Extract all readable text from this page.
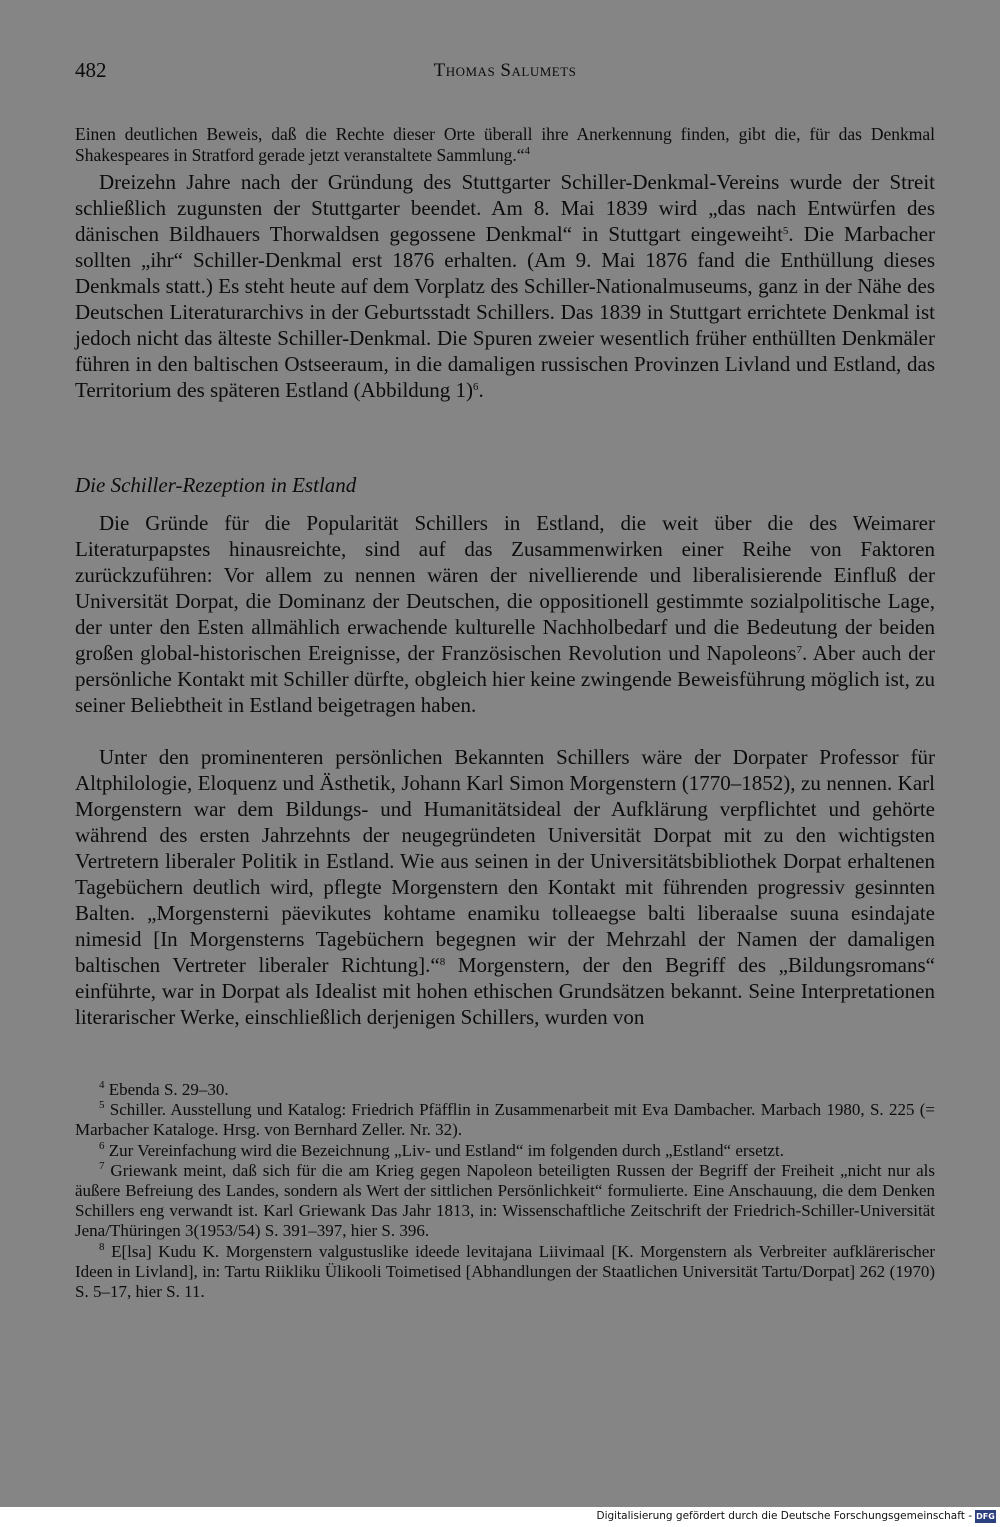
482	Thomas Salumets

Einen deutlichen Beweis, daß die Rechte dieser Orte überall ihre Anerkennung finden, gibt die, für das Denkmal Shakespeares in Stratford gerade jetzt veranstaltete Sammlung.“$^4$

Dreizehn Jahre nach der Gründung des Stuttgarter Schiller-Denkmal-Vereins wurde der Streit schließlich zugunsten der Stuttgarter beendet. Am 8. Mai 1839 wird „das nach Entwürfen des dänischen Bildhauers Thorwaldsen gegossene Denkmal“ in Stuttgart eingeweiht$^5$. Die Marbacher sollten „ihr“ Schiller-Denkmal erst 1876 erhalten. (Am 9. Mai 1876 fand die Enthüllung dieses Denkmals statt.) Es steht heute auf dem Vorplatz des Schiller-Nationalmuseums, ganz in der Nähe des Deutschen Literaturarchivs in der Geburtsstadt Schillers. Das 1839 in Stuttgart errichtete Denkmal ist jedoch nicht das älteste Schiller-Denkmal. Die Spuren zweier wesentlich früher enthüllten Denkmäler führen in den baltischen Ostseeraum, in die damaligen russischen Provinzen Livland und Estland, das Territorium des späteren Estland (Abbildung 1)$^6$.

Die Schiller-Rezeption in Estland

Die Gründe für die Popularität Schillers in Estland, die weit über die des Weimarer Literaturpapstes hinausreichte, sind auf das Zusammenwirken einer Reihe von Faktoren zurückzuführen: Vor allem zu nennen wären der nivellierende und liberalisierende Einfluß der Universität Dorpat, die Dominanz der Deutschen, die oppositionell gestimmte sozialpolitische Lage, der unter den Esten allmählich erwachende kulturelle Nachholbedarf und die Bedeutung der beiden großen global-historischen Ereignisse, der Französischen Revolution und Napoleons$^7$. Aber auch der persönliche Kontakt mit Schiller dürfte, obgleich hier keine zwingende Beweisführung möglich ist, zu seiner Beliebtheit in Estland beigetragen haben.

Unter den prominenteren persönlichen Bekannten Schillers wäre der Dorpater Professor für Altphilologie, Eloquenz und Ästhetik, Johann Karl Simon Morgenstern (1770–1852), zu nennen. Karl Morgenstern war dem Bildungs- und Humanitätsideal der Aufklärung verpflichtet und gehörte während des ersten Jahrzehnts der neugegründeten Universität Dorpat mit zu den wichtigsten Vertretern liberaler Politik in Estland. Wie aus seinen in der Universitätsbibliothek Dorpat erhaltenen Tagebüchern deutlich wird, pflegte Morgenstern den Kontakt mit führenden progressiv gesinnten Balten. „Morgensterni päevikutes kohtame enamiku tolleaegse balti liberaalse suuna esindajate nimesid [In Morgensterns Tagebüchern begegnen wir der Mehrzahl der Namen der damaligen baltischen Vertreter liberaler Richtung].“$^8$ Morgenstern, der den Begriff des „Bildungsromans“ einführte, war in Dorpat als Idealist mit hohen ethischen Grundsätzen bekannt. Seine Interpretationen literarischer Werke, einschließlich derjenigen Schillers, wurden von

$^4$ Ebenda S. 29–30.

$^5$ Schiller. Ausstellung und Katalog: Friedrich Pfäfflin in Zusammenarbeit mit Eva Dambacher. Marbach 1980, S. 225 (= Marbacher Kataloge. Hrsg. von Bernhard Zeller. Nr. 32).

$^6$ Zur Vereinfachung wird die Bezeichnung „Liv- und Estland“ im folgenden durch „Estland“ ersetzt.

$^7$ Griewank meint, daß sich für die am Krieg gegen Napoleon beteiligten Russen der Begriff der Freiheit „nicht nur als äußere Befreiung des Landes, sondern als Wert der sittlichen Persönlichkeit“ formulierte. Eine Anschauung, die dem Denken Schillers eng verwandt ist. Karl Griewank Das Jahr 1813, in: Wissenschaftliche Zeitschrift der Friedrich-Schiller-Universität Jena/Thüringen 3(1953/54) S. 391–397, hier S. 396.

$^8$ E[lsa] Kudu K. Morgenstern valgustuslike ideede levitajana Liivimaal [K. Morgenstern als Verbreiter aufklärerischer Ideen in Livland], in: Tartu Riikliku Ülikooli Toimetised [Abhandlungen der Staatlichen Universität Tartu/Dorpat] 262 (1970) S. 5–17, hier S. 11.

Digitalisierung gefördert durch die Deutsche Forschungsgemeinschaft - DFG
